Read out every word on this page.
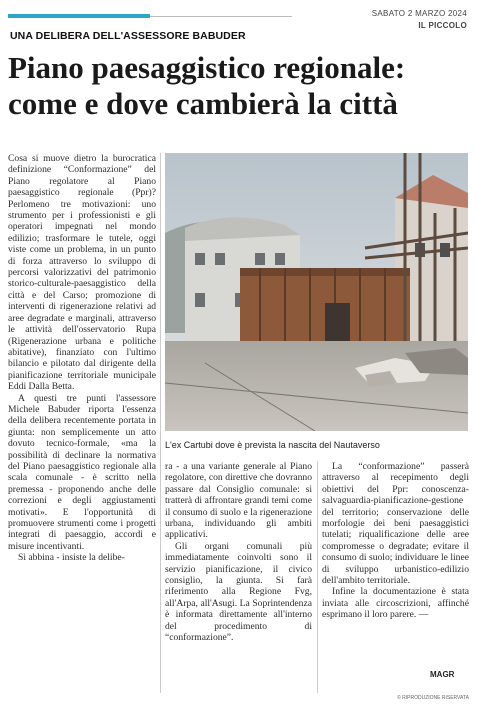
SABATO 2 MARZO 2024
IL PICCOLO
UNA DELIBERA DELL'ASSESSORE BABUDER
Piano paesaggistico regionale:
come e dove cambierà la città

Cosa si muove dietro la burocratica definizione “Conformazione” del Piano regolatore al Piano paesaggistico regionale (Ppr)? Perlomeno tre motivazioni: uno strumento per i professionisti e gli operatori impegnati nel mondo edilizio; trasformare le tutele, oggi viste come un problema, in un punto di forza attraverso lo sviluppo di percorsi valorizzativi del patrimonio storico-culturale-paesaggistico della città e del Carso; promozione di interventi di rigenerazione relativi ad aree degradate e marginali, attraverso le attività dell'osservatorio Rupa (Rigenerazione urbana e politiche abitative), finanziato con l'ultimo bilancio e pilotato dal dirigente della pianificazione territoriale municipale Eddi Dalla Betta.

A questi tre punti l'assessore Michele Babuder riporta l'essenza della delibera recentemente portata in giunta: non semplicemente un atto dovuto tecnico-formale, «ma la possibilità di declinare la normativa del Piano paesaggistico regionale alla scala comunale - è scritto nella premessa - proponendo anche delle correzioni e degli aggiustamenti motivati». E l'opportunità di promuovere strumenti come i progetti integrati di paesaggio, accordi e misure incentivanti.

Si abbina - insiste la delibe-

L'ex Cartubi dove è prevista la nascita del Nautaverso

ra - a una variante generale al Piano regolatore, con direttive che dovranno passare dal Consiglio comunale: si tratterà di affrontare grandi temi come il consumo di suolo e la rigenerazione urbana, individuando gli ambiti applicativi.

Gli organi comunali più immediatamente coinvolti sono il servizio pianificazione, il civico consiglio, la giunta. Si farà riferimento alla Regione Fvg, all'Arpa, all'Asugi. La Soprintendenza è informata direttamente all'interno del procedimento di “conformazione”.

La “conformazione” passerà attraverso al recepimento degli obiettivi del Ppr: conoscenza-salvaguardia-pianificazione-gestione del territorio; conservazione delle morfologie dei beni paesaggistici tutelati; riqualificazione delle aree compromesse o degradate; evitare il consumo di suolo; individuare le linee di sviluppo urbanistico-edilizio dell'ambito territoriale.

Infine la documentazione è stata inviata alle circoscrizioni, affinché esprimano il loro parere. —

MAGR
© RIPRODUZIONE RISERVATA
